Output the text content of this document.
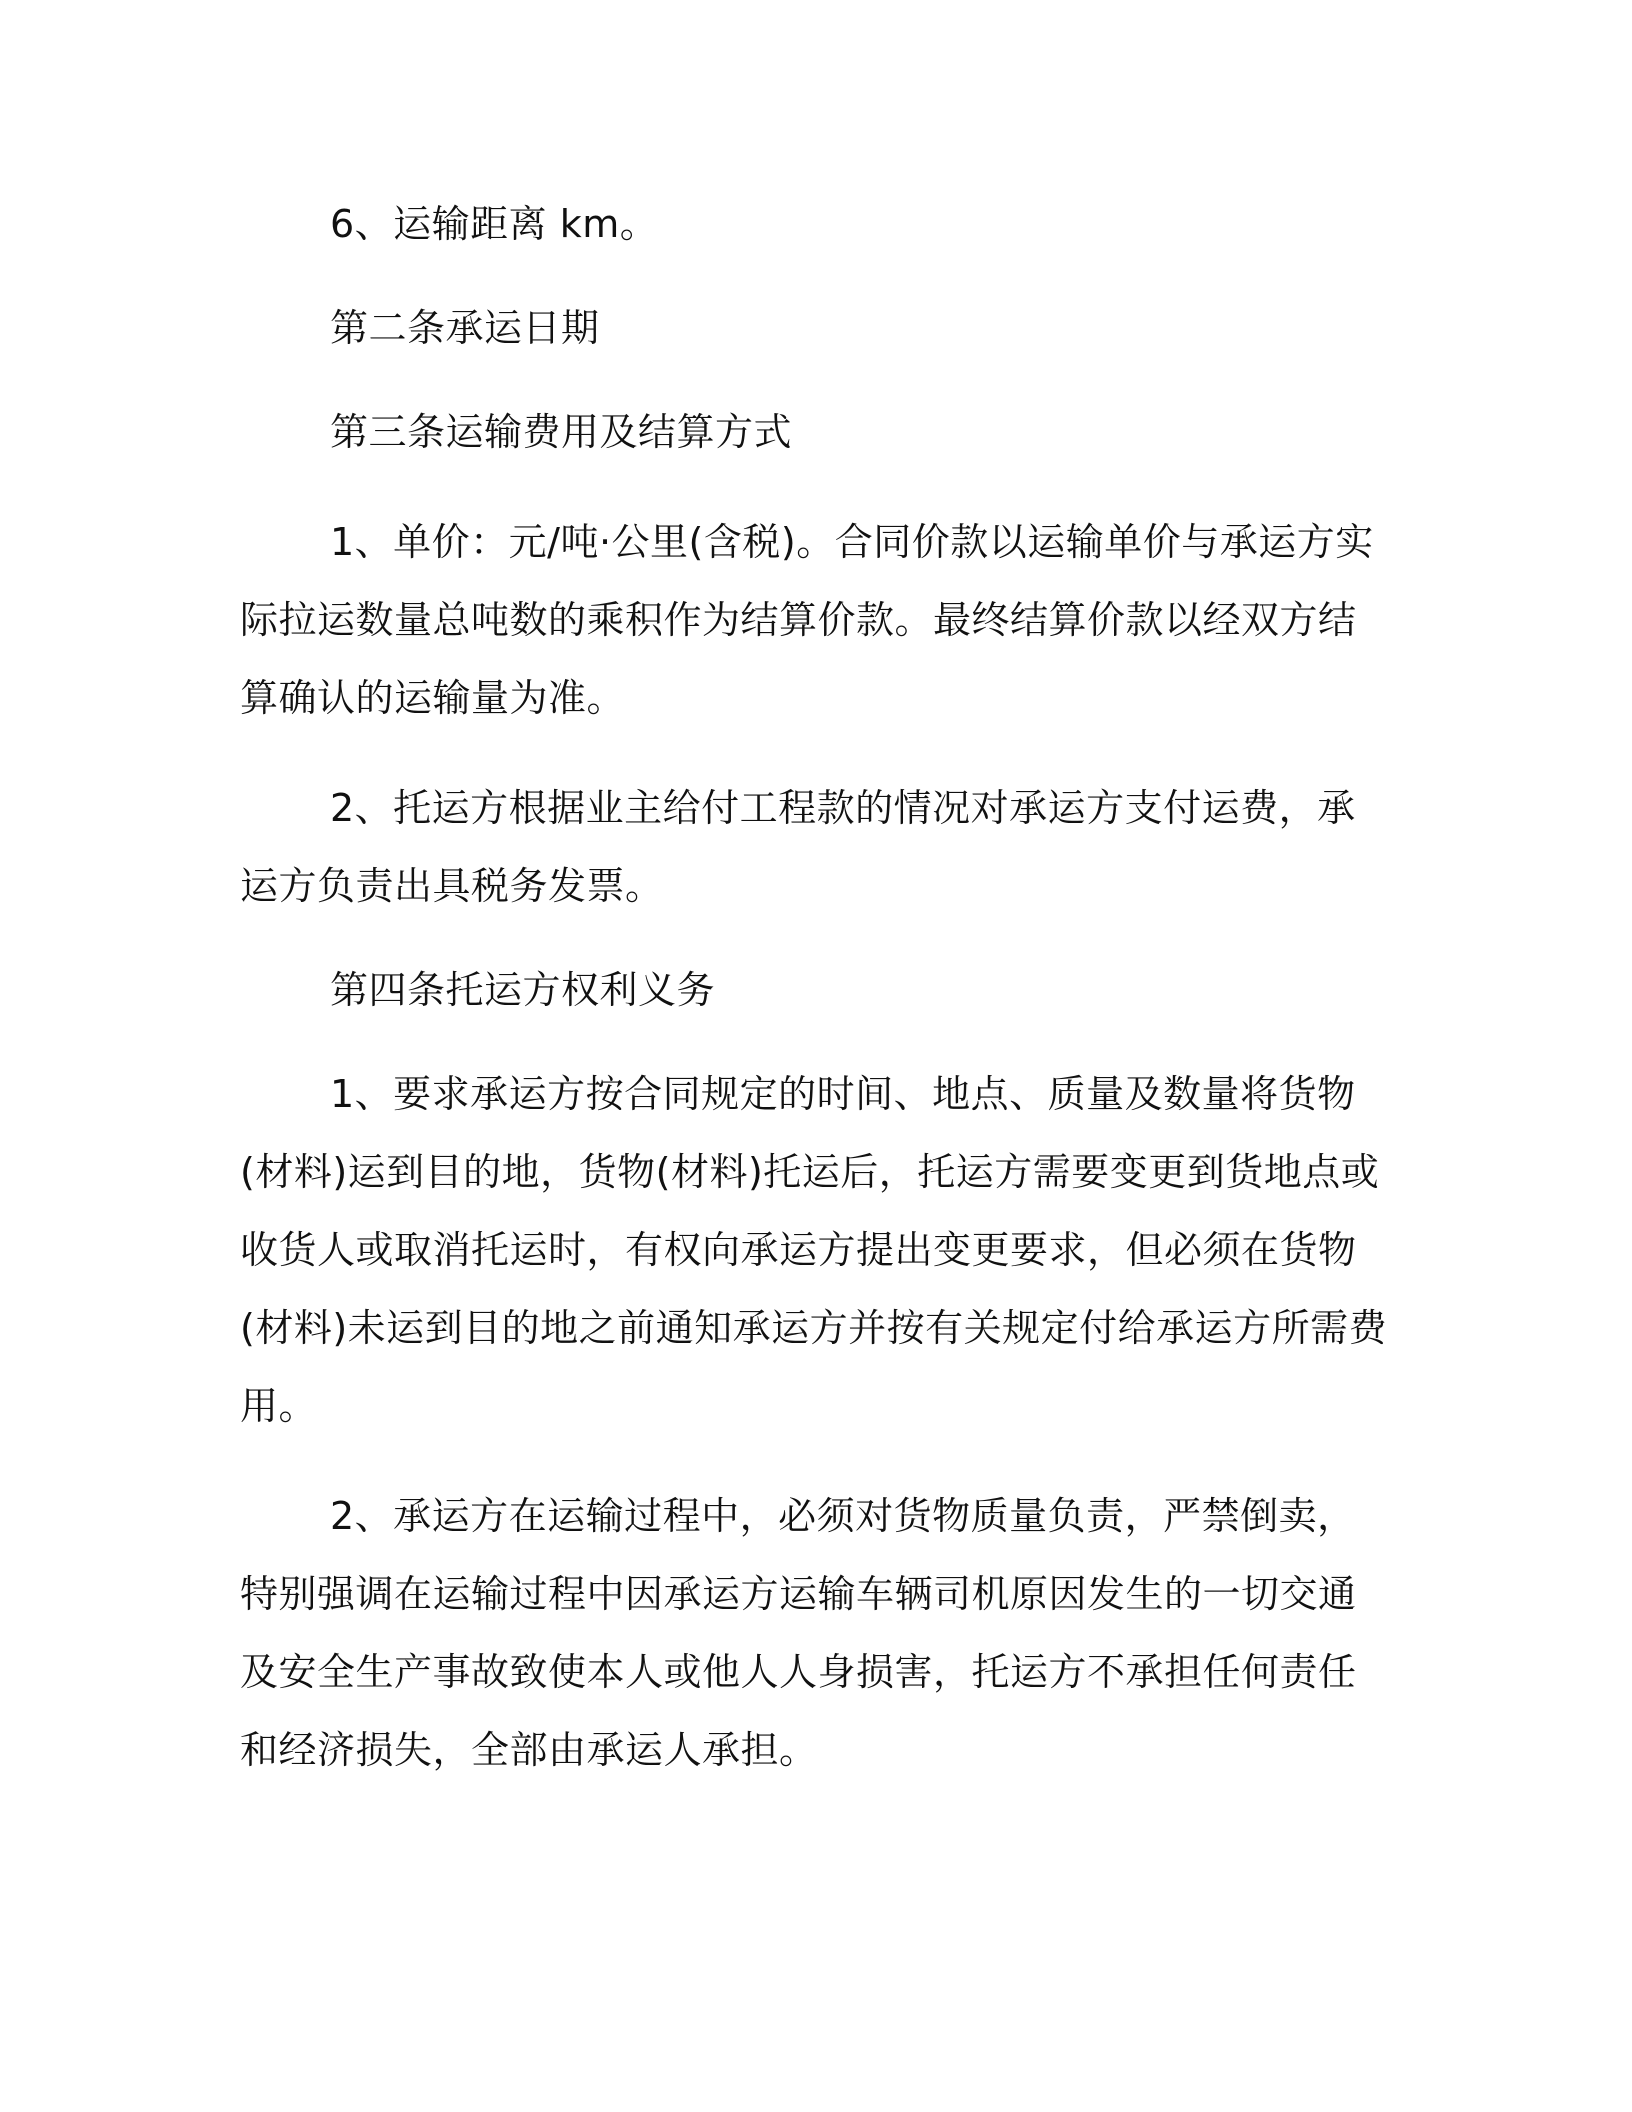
6、运输距离 km。

第二条承运日期

第三条运输费用及结算方式

1、单价：元/吨·公里(含税)。合同价款以运输单价与承运方实际拉运数量总吨数的乘积作为结算价款。最终结算价款以经双方结算确认的运输量为准。

2、托运方根据业主给付工程款的情况对承运方支付运费，承运方负责出具税务发票。

第四条托运方权利义务

1、要求承运方按合同规定的时间、地点、质量及数量将货物(材料)运到目的地，货物(材料)托运后，托运方需要变更到货地点或收货人或取消托运时，有权向承运方提出变更要求，但必须在货物(材料)未运到目的地之前通知承运方并按有关规定付给承运方所需费用。

2、承运方在运输过程中，必须对货物质量负责，严禁倒卖，特别强调在运输过程中因承运方运输车辆司机原因发生的一切交通及安全生产事故致使本人或他人人身损害，托运方不承担任何责任和经济损失，全部由承运人承担。
